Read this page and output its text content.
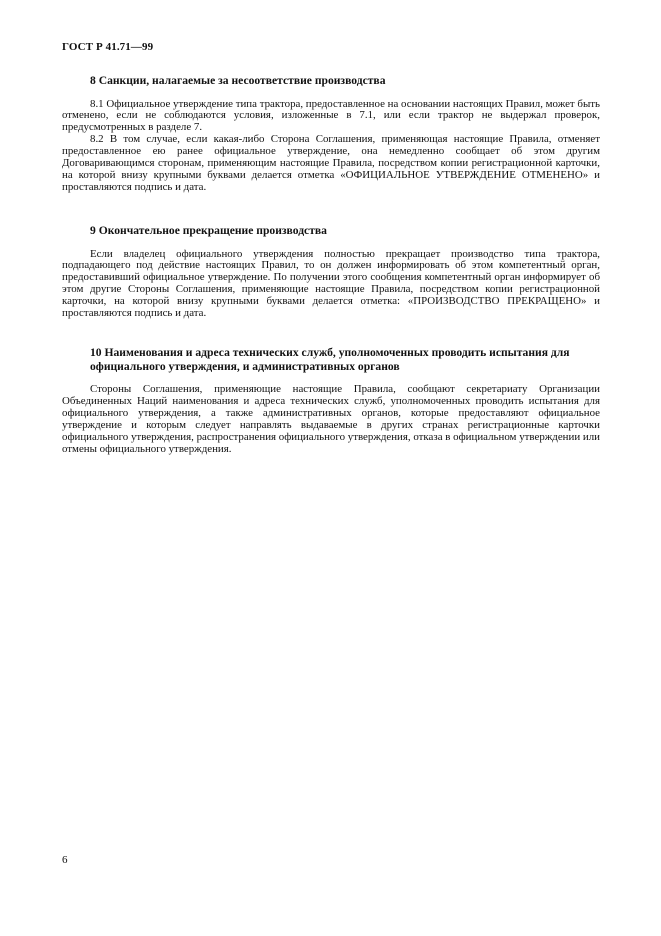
ГОСТ Р 41.71—99
8 Санкции, налагаемые за несоответствие производства

8.1 Официальное утверждение типа трактора, предоставленное на основании настоящих Правил, может быть отменено, если не соблюдаются условия, изложенные в 7.1, или если трактор не выдержал проверок, предусмотренных в разделе 7.

8.2 В том случае, если какая-либо Сторона Соглашения, применяющая настоящие Правила, отменяет предоставленное ею ранее официальное утверждение, она немедленно сообщает об этом другим Договаривающимся сторонам, применяющим настоящие Правила, посредством копии регистрационной карточки, на которой внизу крупными буквами делается отметка «ОФИЦИАЛЬНОЕ УТВЕРЖДЕНИЕ ОТМЕНЕНО» и проставляются подпись и дата.

9 Окончательное прекращение производства

Если владелец официального утверждения полностью прекращает производство типа трактора, подпадающего под действие настоящих Правил, то он должен информировать об этом компетентный орган, предоставивший официальное утверждение. По получении этого сообщения компетентный орган информирует об этом другие Стороны Соглашения, применяющие настоящие Правила, посредством копии регистрационной карточки, на которой внизу крупными буквами делается отметка: «ПРОИЗВОДСТВО ПРЕКРАЩЕНО» и проставляются подпись и дата.

10 Наименования и адреса технических служб, уполномоченных проводить испытания для официального утверждения, и административных органов

Стороны Соглашения, применяющие настоящие Правила, сообщают секретариату Организации Объединенных Наций наименования и адреса технических служб, уполномоченных проводить испытания для официального утверждения, а также административных органов, которые предоставляют официальное утверждение и которым следует направлять выдаваемые в других странах регистрационные карточки официального утверждения, распространения официального утверждения, отказа в официальном утверждении или отмены официального утверждения.

6
